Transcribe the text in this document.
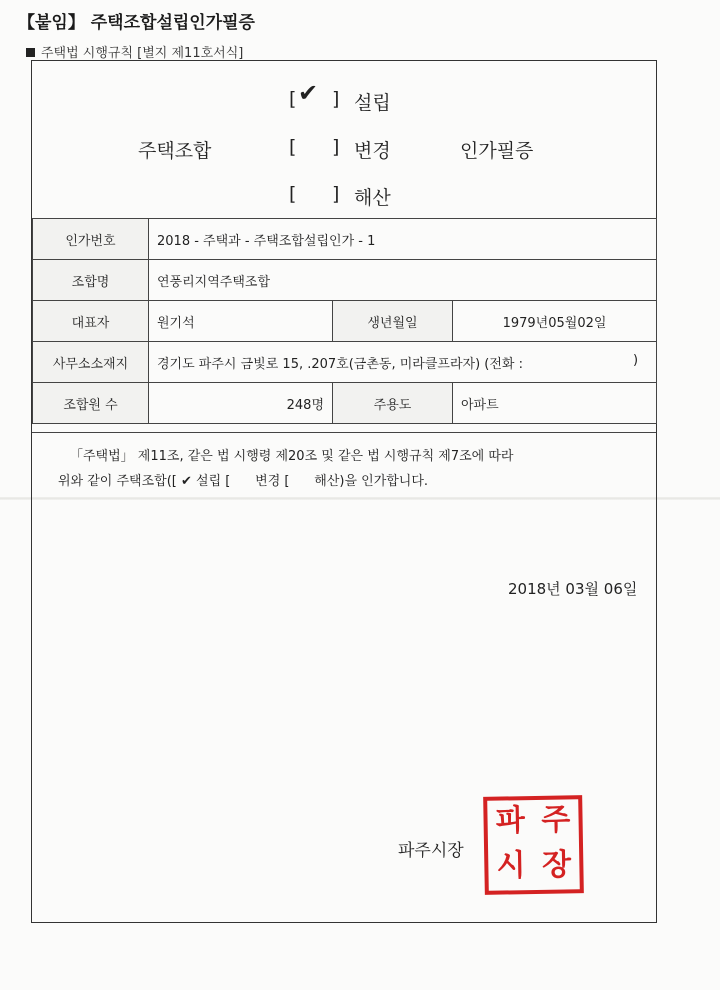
【붙임】 주택조합설립인가필증
주택법 시행규칙 [별지 제11호서식]
주택조합	인가필증
[ ✔ ] 설립
[ ] 변경
[ ] 해산
인가번호	2018 - 주택과 - 주택조합설립인가 - 1		
조합명	연풍리지역주택조합		
대표자	원기석	생년월일	1979년05월02일
사무소소재지	경기도 파주시 금빛로 15, .207호(금촌동, 미라클프라자) (전화 : )		

조합원 수	248명	주용도	아파트
「주택법」 제11조, 같은 법 시행령 제20조 및 같은 법 시행규칙 제7조에 따라
위와 같이 주택조합([ ✔ 설립 [      변경 [      해산)을 인가합니다.
2018년 03월 06일
파주시장
파 주
시 장
